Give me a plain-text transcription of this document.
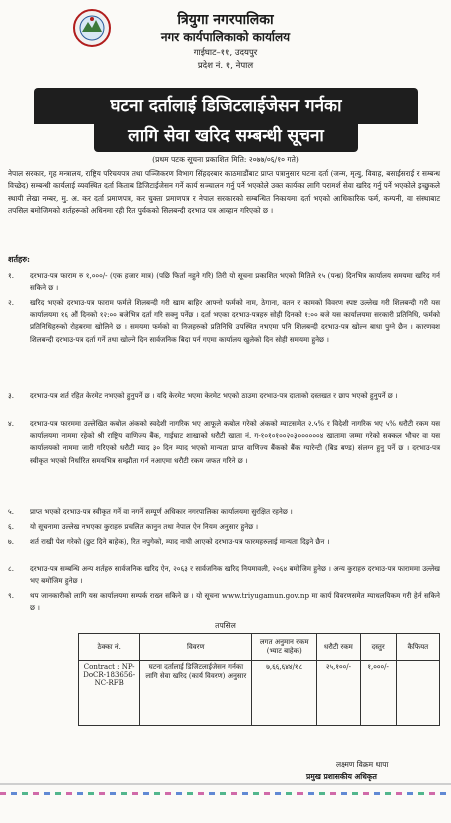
त्रियुगा नगरपालिका
नगर कार्यपालिकाको कार्यालय
गाईघाट–११, उदयपुर
प्रदेश नं. १, नेपाल
घटना दर्तालाई डिजिटलाईजेसन गर्नका
लागि सेवा खरिद सम्बन्धी सूचना
(प्रथम पटक सूचना प्रकाशित मिति: २०७७/०६/१० गते)
नेपाल सरकार, गृह मन्त्रालय, राष्ट्रिय परिचयपत्र तथा पञ्जिकरण विभाग सिंहदरबार काठमाडौंबाट प्राप्त पत्रानुसार घटना दर्ता (जन्म, मृत्यु, विवाह, बसाईसराई र सम्बन्ध विच्छेद) सम्बन्धी कार्यलाई व्यवस्थित दर्ता किताब डिजिटाईजेसन गर्ने कार्य सञ्चालन गर्नु पर्ने भएकोले उक्त कार्यका लागि परामर्श सेवा खरिद गर्नु पर्ने भएकोले इच्छुकले स्थायी लेखा नम्बर, मु. अ. कर दर्ता प्रमाणपत्र, कर चुक्ता प्रमाणपत्र र नेपाल सरकारको सम्बन्धित निकायमा दर्ता भएको आधिकारिक फर्म, कम्पनी, वा संस्थाबाट तपसिल बमोजिमको शर्तहरूको अधिनमा रही रित पुर्वकको सिलबन्दी दरभाउ पत्र आव्हान गरिएको छ ।
शर्तहरु:
१.	दरभाउ-पत्र फाराम रु १,०००/- (एक हजार मात्र) (पछि फिर्ता नहुने गरि) तिरी यो सूचना प्रकाशित भएको मितिले १५ (पन्ध्र) दिनभित्र कार्यालय समयमा खरिद गर्न सकिने छ ।
२.	खरिद भएको दरभाउ-पत्र फाराम फर्मले शिलबन्दी गरी खाम बाहिर आफ्नो फर्मको नाम, ठेगाना, वतन र कामको विवरण स्पष्ट उल्लेख गरी शिलबन्दी गरी यस कार्यालयमा १६ औं दिनको १२:०० बजेभित्र दर्ता गरि सक्नु पर्नेछ । दर्ता भएका दरभाउ-पत्रहरु सोही दिनको १:०० बजे यस कार्यालयमा सरकारी प्रतिनिधि, फर्मको प्रतिनिधिहरुको रोहबरमा खोलिने छ । समयमा फर्मको वा निजहरुको प्रतिनिधि उपस्थित नभएमा पनि शिलबन्दी दरभाउ-पत्र खोल्न बाधा पुग्ने छैन । कारणवश शिलबन्दी दरभाउ-पत्र दर्ता गर्ने तथा खोल्ने दिन सार्वजनिक बिदा पर्न गएमा कार्यालय खुलेको दिन सोही समयमा हुनेछ ।
३.	दरभाउ-पत्र शर्त रहित केरमेट नभएको हुनुपर्ने छ । यदि केरमेट भएमा केरमेट भएको ठाउमा दरभाउ-पत्र दाताको दस्तखत र छाप भएको हुनुपर्ने छ ।
४.	दरभाउ-पत्र फारममा उल्लेखित कबोल अंकको स्वदेशी नागरिक भए आफूले कबोल गरेको अंकको म्याटसमेत २.५% र विदेशी नागरिक भए ५% धरौटी रकम यस कार्यालयमा नाममा रहेको श्री राष्ट्रिय वाणिज्य बैंक, गाईघाट शाखाको धरौटी खाता नं. ग-१०१०१००२०३००००००४ खातामा जम्मा गरेको सक्कल भौचर वा यस कार्यालयको नाममा जारी गरिएको धरौटी म्याद ३० दिन म्याद भएको मान्यता प्राप्त वाणिज्य बैंकको बैंक ग्यारेन्टी (बिड बण्ड) संलग्न हुनु पर्ने छ । दरभाउ-पत्र स्वीकृत भएको निर्धारित समयभित्र सम्झौता गर्न नआएमा धरौटी रकम जफत गरिने छ ।
५.	प्राप्त भएको दरभाउ-पत्र स्वीकृत गर्ने वा नगर्ने सम्पूर्ण अधिकार नगरपालिका कार्यालयमा सुरक्षित रहनेछ ।
६.	यो सूचनामा उल्लेख नभएका कुराहरु प्रचलित कानुन तथा नेपाल ऐन नियम अनुसार हुनेछ ।
७.	शर्त राखी पेश गरेको (छुट दिने बाहेक), रित नपुगेको, म्याद नाघी आएको दरभाउ-पत्र फारमहरुलाई मान्यता दिइने छैन ।
८.	दरभाउ-पत्र सम्बन्धि अन्य शर्तहरु सार्वजनिक खरिद ऐन, २०६३ र सार्वजनिक खरिद नियमावली, २०६४ बमोजिम हुनेछ । अन्य कुराहरु दरभाउ-पत्र फाराममा उल्लेख भए बमोजिम हुनेछ ।
९.	थप जानकारीको लागि यस कार्यालयमा सम्पर्क राख्न सकिने छ । यो सूचना www.triyugamun.gov.np मा कार्य विवरणसमेत म्याधलयिकम गरी हेर्न सकिने छ ।
तपसिल
ठेक्का नं.	विवरण	लगत अनुमान रकम (भ्याट बाहेक)	धरौटी रकम	दस्तुर	कैफियत
Contract : NP-DoCR-183656-NC-RFB	घटना दर्तालाई डिजिटलाईजेसन गर्नका लागि सेवा खरिद (कार्य विवरण) अनुसार	७,६६,६४४/१८	२५,१००/-	१,०००/-	
लक्ष्मण विक्रम थापा
प्रमुख प्रशासकीय अधिकृत
